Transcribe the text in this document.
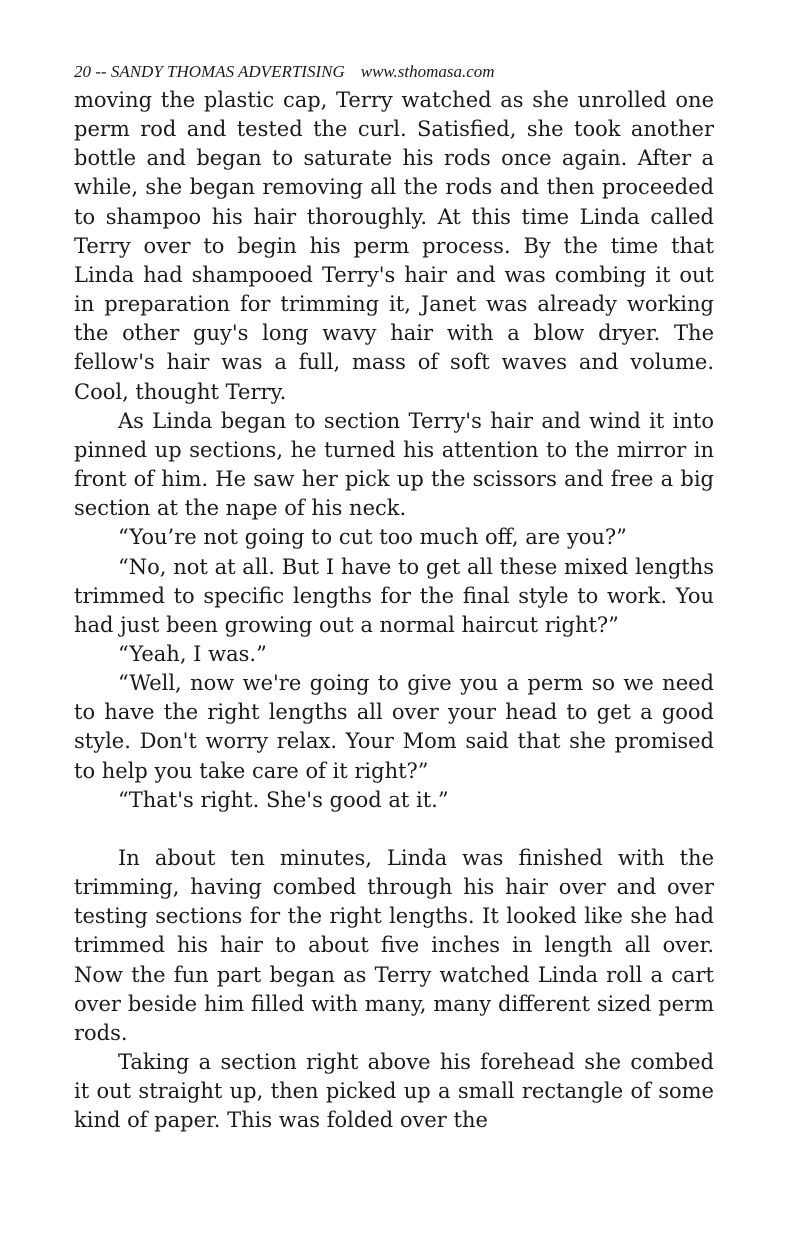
20 -- SANDY THOMAS ADVERTISING www.sthomasa.com

moving the plastic cap, Terry watched as she unrolled one perm rod and tested the curl. Satisfied, she took another bottle and began to saturate his rods once again. After a while, she began removing all the rods and then proceeded to shampoo his hair thoroughly. At this time Linda called Terry over to begin his perm process. By the time that Linda had shampooed Terry's hair and was combing it out in preparation for trimming it, Janet was already working the other guy's long wavy hair with a blow dryer. The fellow's hair was a full, mass of soft waves and volume. Cool, thought Terry.

As Linda began to section Terry's hair and wind it into pinned up sections, he turned his attention to the mirror in front of him. He saw her pick up the scissors and free a big section at the nape of his neck.

“You’re not going to cut too much off, are you?”

“No, not at all. But I have to get all these mixed lengths trimmed to specific lengths for the final style to work. You had just been growing out a normal haircut right?”

“Yeah, I was.”

“Well, now we're going to give you a perm so we need to have the right lengths all over your head to get a good style. Don't worry relax. Your Mom said that she promised to help you take care of it right?”

“That's right. She's good at it.”

In about ten minutes, Linda was finished with the trimming, having combed through his hair over and over testing sections for the right lengths. It looked like she had trimmed his hair to about five inches in length all over. Now the fun part began as Terry watched Linda roll a cart over beside him filled with many, many different sized perm rods.

Taking a section right above his forehead she combed it out straight up, then picked up a small rectangle of some kind of paper. This was folded over the
